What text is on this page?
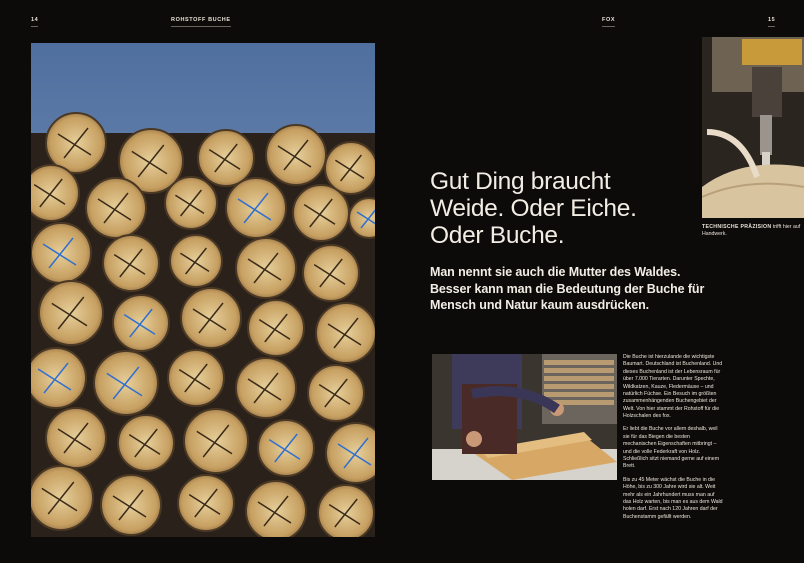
14	ROHSTOFF BUCHE	FOX	15
TECHNISCHE PRÄZISION trifft hier auf Handwerk.
Gut Ding braucht
Weide. Oder Eiche.
Oder Buche.
Man nennt sie auch die Mutter des Waldes. Besser kann man die Bedeutung der Buche für Mensch und Natur kaum ausdrücken.

Die Buche ist hierzulande die wichtigste Baumart. Deutschland ist Buchenland. Und dieses Buchenland ist der Lebensraum für über 7.000 Tierarten. Darunter Spechte, Wildkatzen, Kauze, Fledermäuse – und natürlich Füchse. Ein Besuch im größten zusammenhängenden Buchengebiet der Welt. Von hier stammt der Rohstoff für die Holzschalen des fox.

Er liebt die Buche vor allem deshalb, weil sie für das Biegen die besten mechanischen Eigenschaften mitbringt – und die volle Federkraft von Holz. Schließlich sitzt niemand gerne auf einem Brett.

Bis zu 45 Meter wächst die Buche in die Höhe, bis zu 300 Jahre wird sie alt. Weit mehr als ein Jahrhundert muss man auf das Holz warten, bis man es aus dem Wald holen darf. Erst nach 120 Jahren darf der Buchenstamm gefällt werden.
